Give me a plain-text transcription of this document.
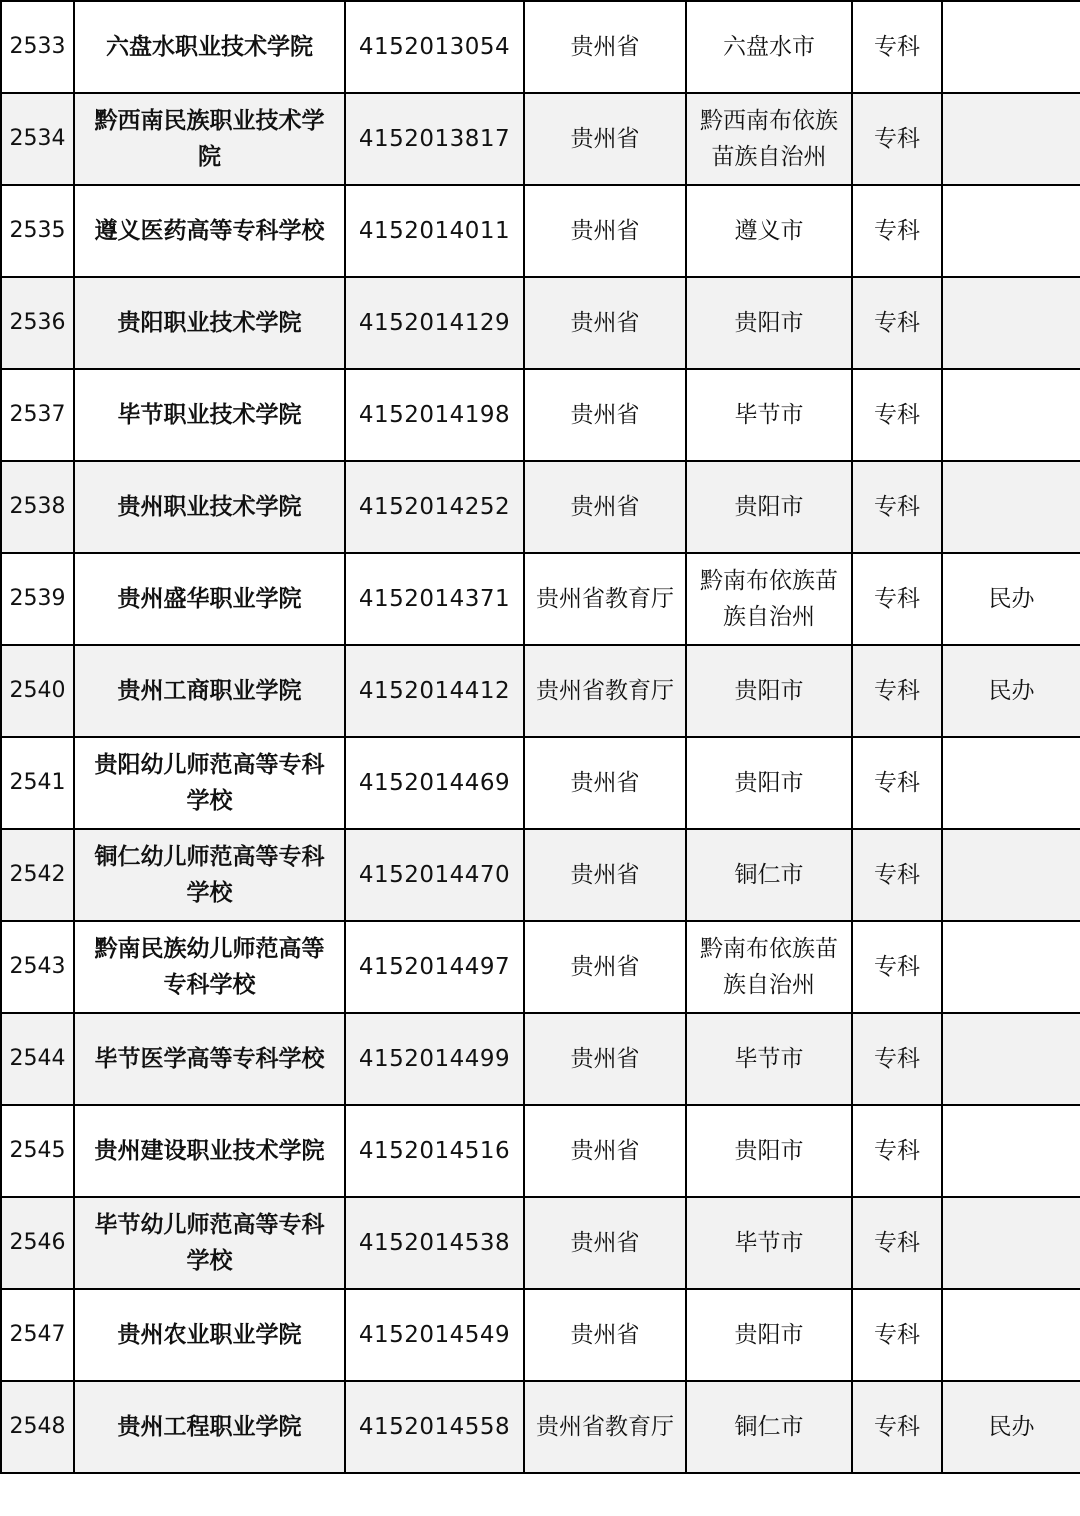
2533	六盘水职业技术学院	4152013054	贵州省	六盘水市	专科	
2534	黔西南民族职业技术学院	4152013817	贵州省	黔西南布依族苗族自治州	专科	
2535	遵义医药高等专科学校	4152014011	贵州省	遵义市	专科	
2536	贵阳职业技术学院	4152014129	贵州省	贵阳市	专科	
2537	毕节职业技术学院	4152014198	贵州省	毕节市	专科	
2538	贵州职业技术学院	4152014252	贵州省	贵阳市	专科	
2539	贵州盛华职业学院	4152014371	贵州省教育厅	黔南布依族苗族自治州	专科	民办
2540	贵州工商职业学院	4152014412	贵州省教育厅	贵阳市	专科	民办
2541	贵阳幼儿师范高等专科学校	4152014469	贵州省	贵阳市	专科	
2542	铜仁幼儿师范高等专科学校	4152014470	贵州省	铜仁市	专科	
2543	黔南民族幼儿师范高等专科学校	4152014497	贵州省	黔南布依族苗族自治州	专科	
2544	毕节医学高等专科学校	4152014499	贵州省	毕节市	专科	
2545	贵州建设职业技术学院	4152014516	贵州省	贵阳市	专科	
2546	毕节幼儿师范高等专科学校	4152014538	贵州省	毕节市	专科	
2547	贵州农业职业学院	4152014549	贵州省	贵阳市	专科	
2548	贵州工程职业学院	4152014558	贵州省教育厅	铜仁市	专科	民办
